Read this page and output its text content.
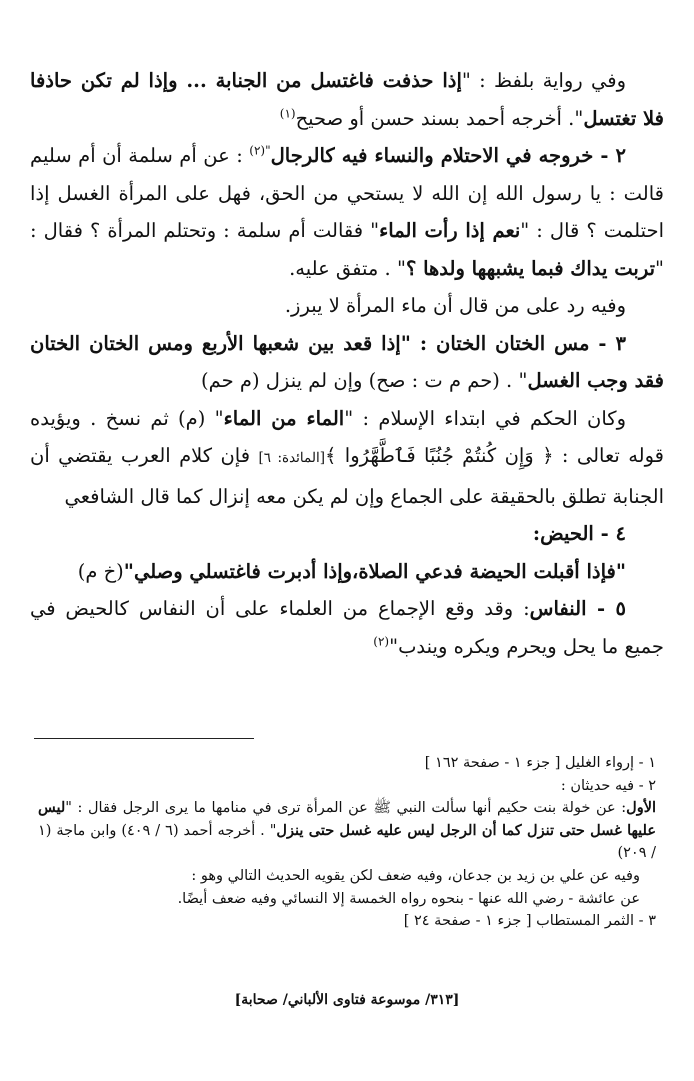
وفي رواية بلفظ : "إذا حذفت فاغتسل من الجنابة ... وإذا لم تكن حاذفا فلا تغتسل". أخرجه أحمد بسند حسن أو صحيح$^{(١)}$

٢ - خروجه في الاحتلام والنساء فيه كالرجال$^{"(٢)}$ : عن أم سلمة أن أم سليم قالت : يا رسول الله إن الله لا يستحي من الحق، فهل على المرأة الغسل إذا احتلمت ؟ قال : "نعم إذا رأت الماء" فقالت أم سلمة : وتحتلم المرأة ؟ فقال : "تربت يداك فبما يشبهها ولدها ؟" . متفق عليه.

وفيه رد على من قال أن ماء المرأة لا يبرز.

٣ - مس الختان الختان : "إذا قعد بين شعبها الأربع ومس الختان الختان فقد وجب الغسل" . (حم م ت : صح) وإن لم ينزل (م حم)

وكان الحكم في ابتداء الإسلام : "الماء من الماء" (م) ثم نسخ . ويؤيده قوله تعالى : ﴿ وَإِن كُنتُمْ جُنُبًا فَٱطَّهَّرُوا ﴾[المائدة: ٦] فإن كلام العرب يقتضي أن الجنابة تطلق بالحقيقة على الجماع وإن لم يكن معه إنزال كما قال الشافعي

٤ - الحيض:

"فإذا أقبلت الحيضة فدعي الصلاة،وإذا أدبرت فاغتسلي وصلي"(خ م)

٥ - النفاس: وقد وقع الإجماع من العلماء على أن النفاس كالحيض في جميع ما يحل ويحرم ويكره ويندب"$^{(٢)}$

١ - إرواء الغليل [ جزء ١ - صفحة ١٦٢ ]

٢ - فيه حديثان :

الأول: عن خولة بنت حكيم أنها سألت النبي ﷺ عن المرأة ترى في منامها ما يرى الرجل فقال : "ليس عليها غسل حتى تنزل كما أن الرجل ليس عليه غسل حتى ينزل" . أخرجه أحمد (٦ / ٤٠٩) وابن ماجة (١ / ٢٠٩)

وفيه عن علي بن زيد بن جدعان، وفيه ضعف لكن يقويه الحديث التالي وهو :

عن عائشة - رضي الله عنها - بنحوه رواه الخمسة إلا النسائي وفيه ضعف أيضًا.

٣ - الثمر المستطاب [ جزء ١ - صفحة ٢٤ ]

[٣١٣/ موسوعة فتاوى الألباني/ صحابة]
